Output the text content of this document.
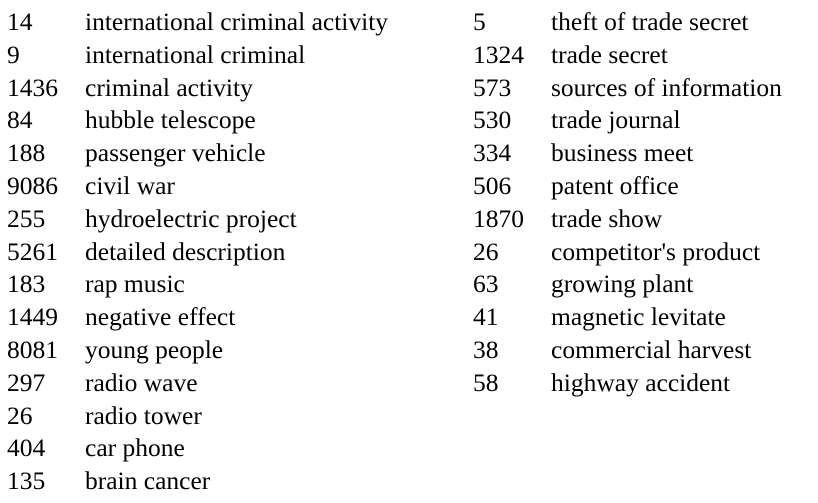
14	international criminal activity
9	international criminal
1436	criminal activity
84	hubble telescope
188	passenger vehicle
9086	civil war
255	hydroelectric project
5261	detailed description
183	rap music
1449	negative effect
8081	young people
297	radio wave
26	radio tower
404	car phone
135	brain cancer
5	theft of trade secret
1324	trade secret
573	sources of information
530	trade journal
334	business meet
506	patent office
1870	trade show
26	competitor's product
63	growing plant
41	magnetic levitate
38	commercial harvest
58	highway accident
